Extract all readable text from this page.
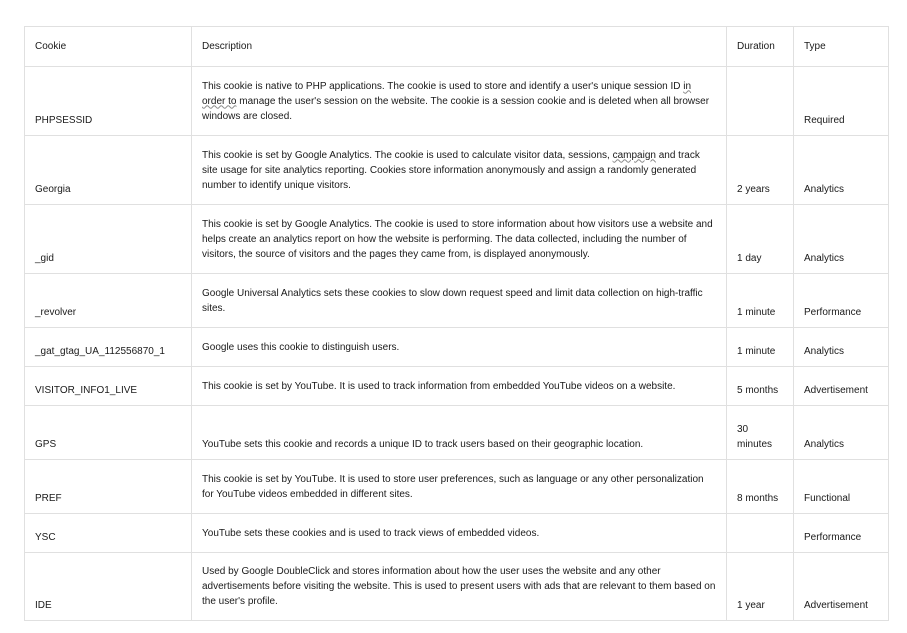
Cookie	Description	Duration	Type
PHPSESSID	This cookie is native to PHP applications. The cookie is used to store and identify a user's unique session ID in order to manage the user's session on the website. The cookie is a session cookie and is deleted when all browser windows are closed.		Required
Georgia	This cookie is set by Google Analytics. The cookie is used to calculate visitor data, sessions, campaign and track site usage for site analytics reporting. Cookies store information anonymously and assign a randomly generated number to identify unique visitors.	2 years	Analytics
_gid	This cookie is set by Google Analytics. The cookie is used to store information about how visitors use a website and helps create an analytics report on how the website is performing. The data collected, including the number of visitors, the source of visitors and the pages they came from, is displayed anonymously.	1 day	Analytics
_revolver	Google Universal Analytics sets these cookies to slow down request speed and limit data collection on high-traffic sites.	1 minute	Performance
_gat_gtag_UA_112556870_1	Google uses this cookie to distinguish users.	1 minute	Analytics
VISITOR_INFO1_LIVE	This cookie is set by YouTube. It is used to track information from embedded YouTube videos on a website.	5 months	Advertisement
GPS	YouTube sets this cookie and records a unique ID to track users based on their geographic location.	30 minutes	Analytics
PREF	This cookie is set by YouTube. It is used to store user preferences, such as language or any other personalization for YouTube videos embedded in different sites.	8 months	Functional
YSC	YouTube sets these cookies and is used to track views of embedded videos.		Performance
IDE	Used by Google DoubleClick and stores information about how the user uses the website and any other advertisements before visiting the website. This is used to present users with ads that are relevant to them based on the user's profile.	1 year	Advertisement
